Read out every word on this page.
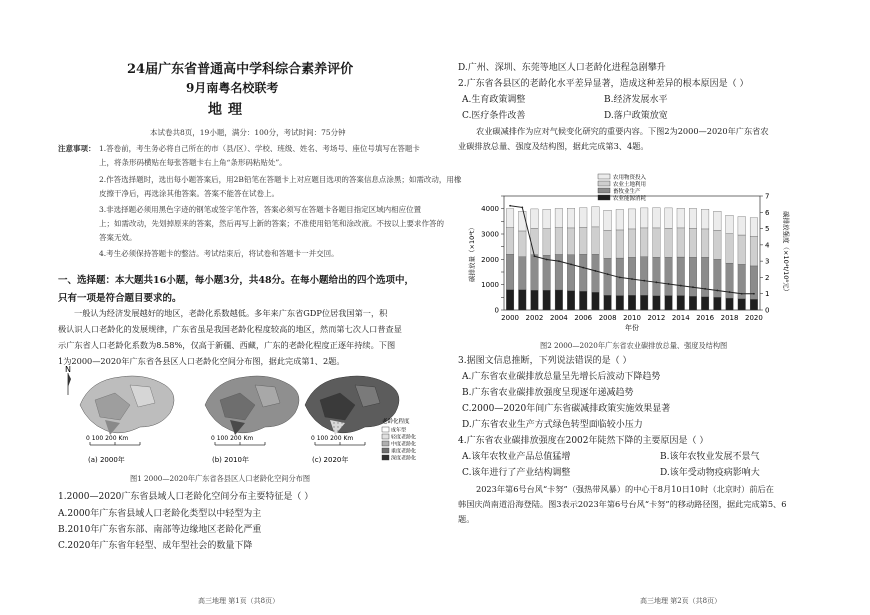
24届广东省普通高中学科综合素养评价
9月南粤名校联考
地理
本试卷共8页，19小题，满分：100分，考试时间：75分钟
注意事项： 1.答卷前，考生务必将自己所在的市（县/区）、学校、班级、姓名、考场号、座位号填写在答题卡
上，将条形码横贴在每张答题卡右上角“条形码粘贴处”。
2.作答选择题时，选出每小题答案后，用2B铅笔在答题卡上对应题目选项的答案信息点涂黑；如需改动，用橡
皮擦干净后，再选涂其他答案。答案不能答在试卷上。
3.非选择题必须用黑色字迹的钢笔或签字笔作答，答案必须写在答题卡各题目指定区域内相应位置
上；如需改动，先划掉原来的答案，然后再写上新的答案；不准使用铅笔和涂改液。不按以上要求作答的
答案无效。
4.考生必须保持答题卡的整洁。考试结束后，将试卷和答题卡一并交回。
一、选择题：本大题共16小题，每小题3分，共48分。在每小题给出的四个选项中，
只有一项是符合题目要求的。
一般认为经济发展越好的地区，老龄化系数越低。多年来广东省GDP位居我国第一，积
极认识人口老龄化的发展规律，广东省虽是我国老龄化程度较高的地区，然而第七次人口普查显
示广东省人口老龄化系数为8.58%，仅高于新疆、西藏，广东的老龄化程度正逐年持续。下图
1为2000—2020年广东省各县区人口老龄化空间分布图，据此完成第1、2题。
N
0 100 200 Km	0 100 200 Km	0 100 200 Km
(a) 2000年	(b) 2010年	(c) 2020年
老龄化程度
成年型
轻度老龄化
中度老龄化
重度老龄化
深度老龄化
图1 2000—2020年广东省各县区人口老龄化空间分布图
1.2000—2020广东省县域人口老龄化空间分布主要特征是（ ）
A.2000年广东省县域人口老龄化类型以中轻型为主
B.2010年广东省东部、南部等边缘地区老龄化严重
C.2020年广东省年轻型、成年型社会的数量下降
高三地理 第1页（共8页）
D.广州、深圳、东莞等地区人口老龄化进程急剧攀升
2.广东省各县区的老龄化水平差异显著，造成这种差异的根本原因是（ ）
A.生育政策调整	B.经济发展水平
C.医疗条件改善	D.落户政策放宽
农业碳减排作为应对气候变化研究的重要内容。下图2为2000—2020年广东省农
业碳排放总量、强度及结构图，据此完成第3、4题。
0
1000
2000
3000
4000
0
1
2
3
4
5
6
7
2000 2002 2004 2006 2008 2010 2012 2014 2016 2018 2020
年份
碳排放量（×10⁴t）	碳排放强度（×10⁴t/10⁸元）
农用物资投入
农业土地利用
畜牧业生产
农业能源消耗
图2 2000—2020年广东省农业碳排放总量、强度及结构图
3.据图文信息推断，下列说法错误的是（ ）
A.广东省农业碳排放总量呈先增长后波动下降趋势
B.广东省农业碳排放强度呈现逐年递减趋势
C.2000—2020年间广东省碳减排政策实施效果显著
D.广东省农业生产方式绿色转型面临较小压力
4.广东省农业碳排放强度在2002年陡然下降的主要原因是（ ）
A.该年农牧业产品总值猛增	B.该年农牧业发展不景气
C.该年进行了产业结构调整	D.该年受动物疫病影响大
2023年第6号台风“卡努”（强热带风暴）的中心于8月10日10时（北京时）前后在
韩国庆尚南道沿海登陆。图3表示2023年第6号台风“卡努”的移动路径图，据此完成第5、6
题。
高三地理 第2页（共8页）
